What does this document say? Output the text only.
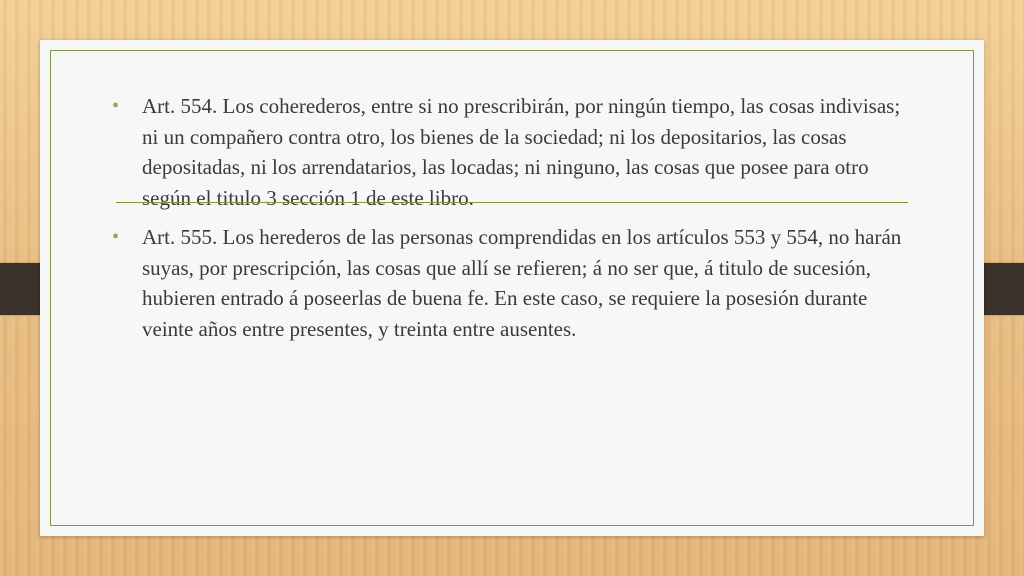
• Art. 554. Los coherederos, entre si no prescribirán, por ningún tiempo, las cosas indivisas; ni un compañero contra otro, los bienes de la sociedad; ni los depositarios, las cosas depositadas, ni los arrendatarios, las locadas; ni ninguno, las cosas que posee para otro según el titulo 3 sección 1 de este libro.
• Art. 555. Los herederos de las personas comprendidas en los artículos 553 y 554, no harán suyas, por prescripción, las cosas que allí se refieren; á no ser que, á titulo de sucesión, hubieren entrado á poseerlas de buena fe. En este caso, se requiere la posesión durante veinte años entre presentes, y treinta entre ausentes.
